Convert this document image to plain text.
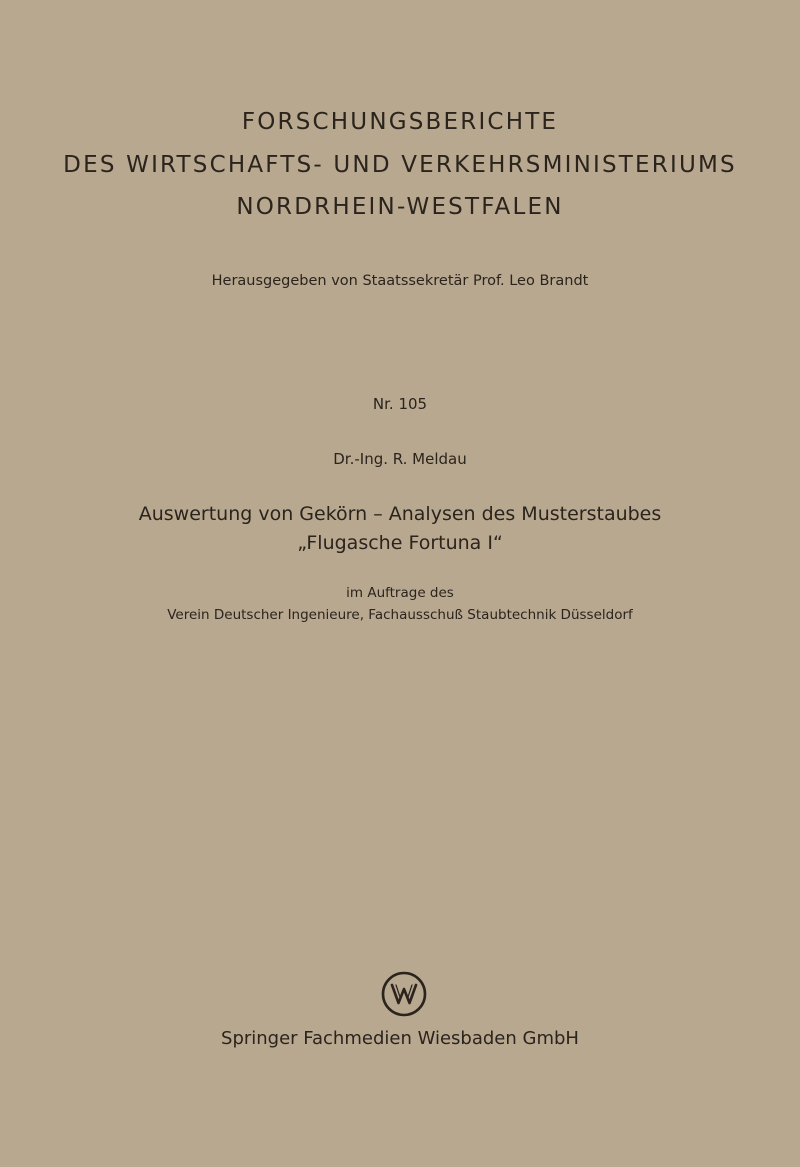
FORSCHUNGSBERICHTE
DES WIRTSCHAFTS- UND VERKEHRSMINISTERIUMS
NORDRHEIN-WESTFALEN
Herausgegeben von Staatssekretär Prof. Leo Brandt
Nr. 105
Dr.-Ing. R. Meldau
Auswertung von Gekörn – Analysen des Musterstaubes
„Flugasche Fortuna I“
im Auftrage des
Verein Deutscher Ingenieure, Fachausschuß Staubtechnik Düsseldorf
Springer Fachmedien Wiesbaden GmbH
